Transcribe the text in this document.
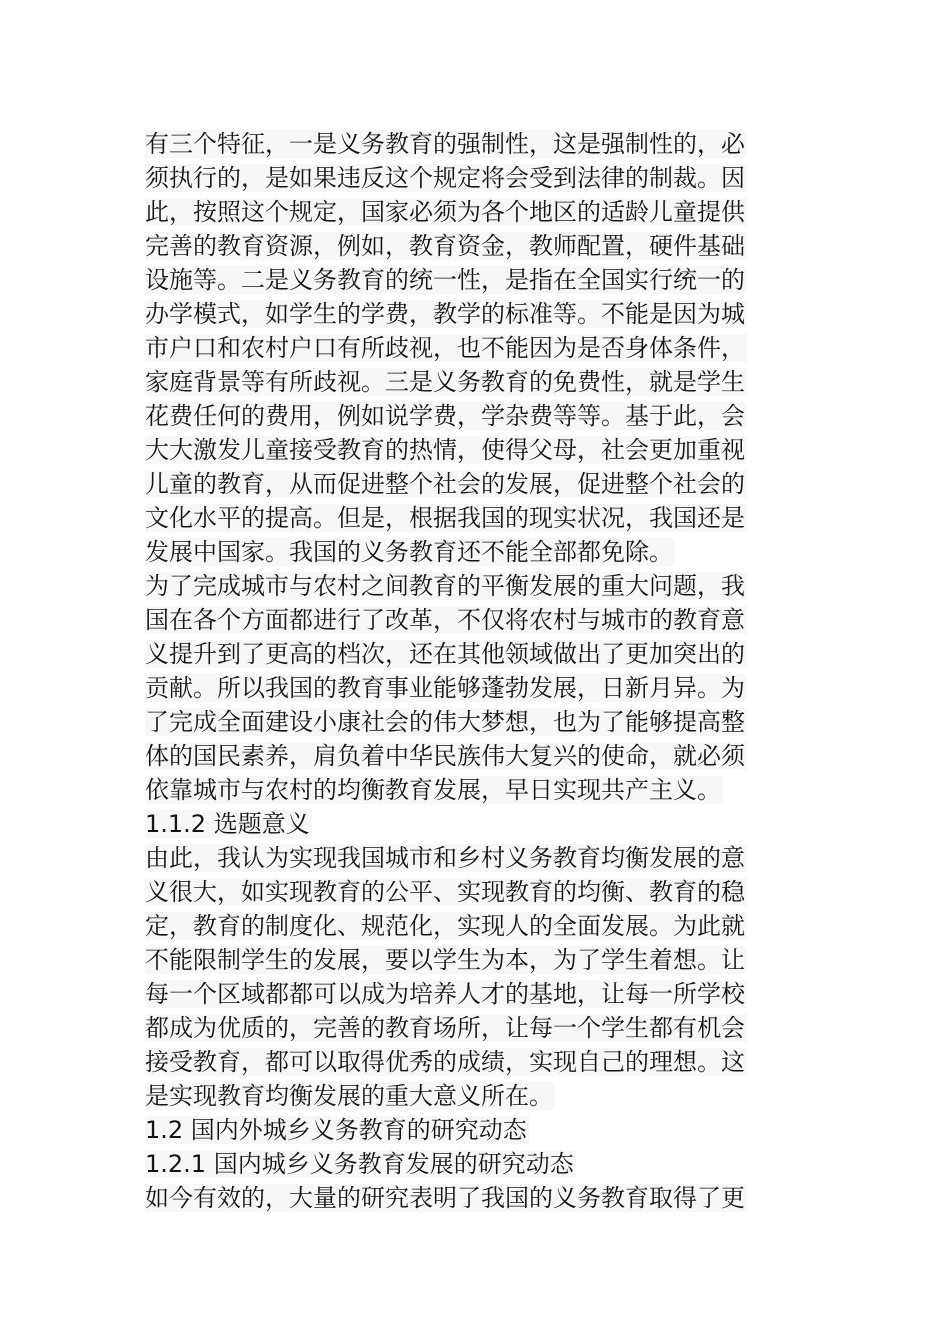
有三个特征，一是义务教育的强制性，这是强制性的，必
须执行的，是如果违反这个规定将会受到法律的制裁。因
此，按照这个规定，国家必须为各个地区的适龄儿童提供
完善的教育资源，例如，教育资金，教师配置，硬件基础
设施等。二是义务教育的统一性，是指在全国实行统一的
办学模式，如学生的学费，教学的标准等。不能是因为城
市户口和农村户口有所歧视，也不能因为是否身体条件，
家庭背景等有所歧视。三是义务教育的免费性，就是学生
花费任何的费用，例如说学费，学杂费等等。基于此，会
大大激发儿童接受教育的热情，使得父母，社会更加重视
儿童的教育，从而促进整个社会的发展，促进整个社会的
文化水平的提高。但是，根据我国的现实状况，我国还是
发展中国家。我国的义务教育还不能全部都免除。
为了完成城市与农村之间教育的平衡发展的重大问题，我
国在各个方面都进行了改革，不仅将农村与城市的教育意
义提升到了更高的档次，还在其他领域做出了更加突出的
贡献。所以我国的教育事业能够蓬勃发展，日新月异。为
了完成全面建设小康社会的伟大梦想，也为了能够提高整
体的国民素养，肩负着中华民族伟大复兴的使命，就必须
依靠城市与农村的均衡教育发展，早日实现共产主义。
1.1.2 选题意义
由此，我认为实现我国城市和乡村义务教育均衡发展的意
义很大，如实现教育的公平、实现教育的均衡、教育的稳
定，教育的制度化、规范化，实现人的全面发展。为此就
不能限制学生的发展，要以学生为本，为了学生着想。让
每一个区域都都可以成为培养人才的基地，让每一所学校
都成为优质的，完善的教育场所，让每一个学生都有机会
接受教育，都可以取得优秀的成绩，实现自己的理想。这
是实现教育均衡发展的重大意义所在。
1.2 国内外城乡义务教育的研究动态
1.2.1 国内城乡义务教育发展的研究动态
如今有效的，大量的研究表明了我国的义务教育取得了更
